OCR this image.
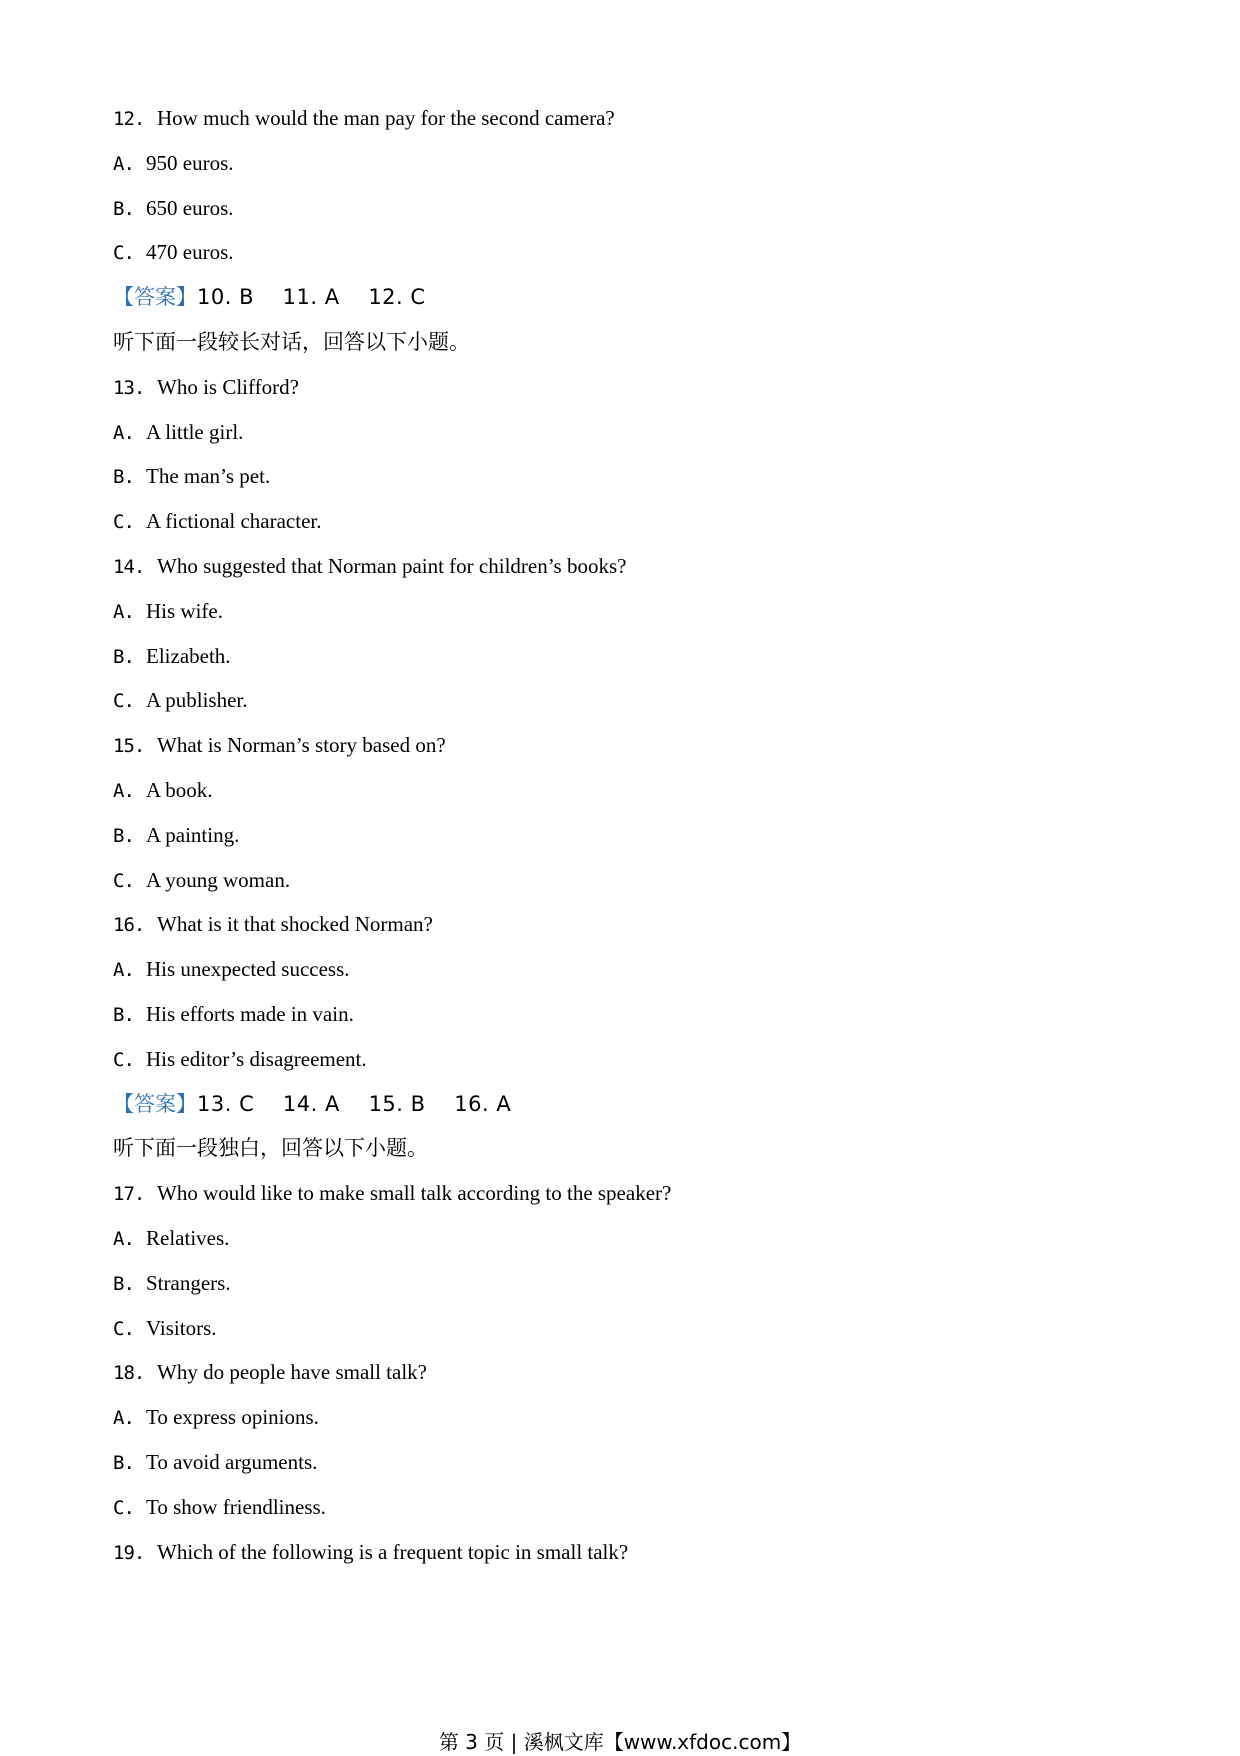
12. How much would the man pay for the second camera?
A. 950 euros.
B. 650 euros.
C. 470 euros.
【答案】10. B    11. A    12. C
听下面一段较长对话，回答以下小题。
13. Who is Clifford?
A. A little girl.
B. The man’s pet.
C. A fictional character.
14. Who suggested that Norman paint for children’s books?
A. His wife.
B. Elizabeth.
C. A publisher.
15. What is Norman’s story based on?
A. A book.
B. A painting.
C. A young woman.
16. What is it that shocked Norman?
A. His unexpected success.
B. His efforts made in vain.
C. His editor’s disagreement.
【答案】13. C    14. A    15. B    16. A
听下面一段独白，回答以下小题。
17. Who would like to make small talk according to the speaker?
A. Relatives.
B. Strangers.
C. Visitors.
18. Why do people have small talk?
A. To express opinions.
B. To avoid arguments.
C. To show friendliness.
19. Which of the following is a frequent topic in small talk?
第 3 页 | 溪枫文库【www.xfdoc.com】
